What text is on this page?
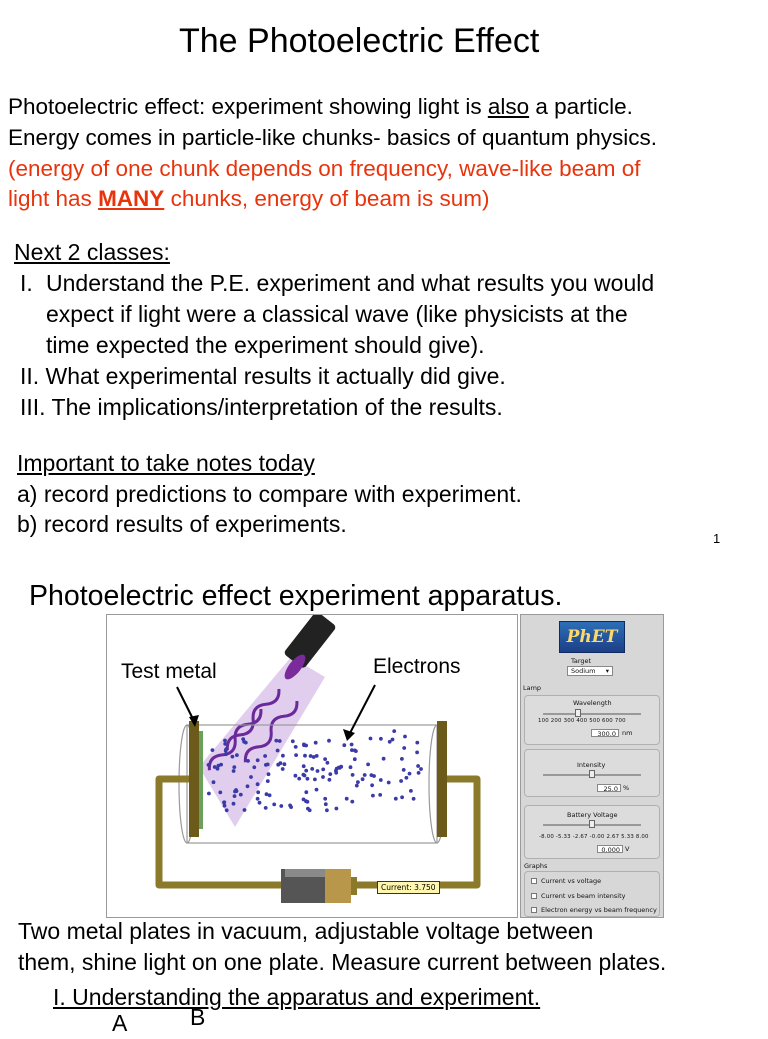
The Photoelectric Effect
Photoelectric effect: experiment showing light is also a particle.
Energy comes in particle-like chunks- basics of quantum physics.
(energy of one chunk depends on frequency, wave-like beam of
light has MANY chunks, energy of beam is sum)
Next 2 classes:
I. Understand the P.E. experiment and what results you would
expect if light were a classical wave (like physicists at the
time expected the experiment should give).
II. What experimental results it actually did give.
III. The implications/interpretation of the results.
Important to take notes today
a) record predictions to compare with experiment.
b) record results of experiments.
1
Photoelectric effect experiment apparatus.
Test metal	Electrons
Current: 3.750
PhET
Target
Sodium ▾
Lamp
Wavelength
100 200 300 400 500 600 700
300.0 nm
Intensity
25.0 %
Battery Voltage
-8.00 -5.33 -2.67 -0.00 2.67 5.33 8.00
0.000 V
Graphs
Current vs voltage
Current vs beam intensity
Electron energy vs beam frequency
Two metal plates in vacuum, adjustable voltage between
them, shine light on one plate. Measure current between plates.
I. Understanding the apparatus and experiment.
A	B
